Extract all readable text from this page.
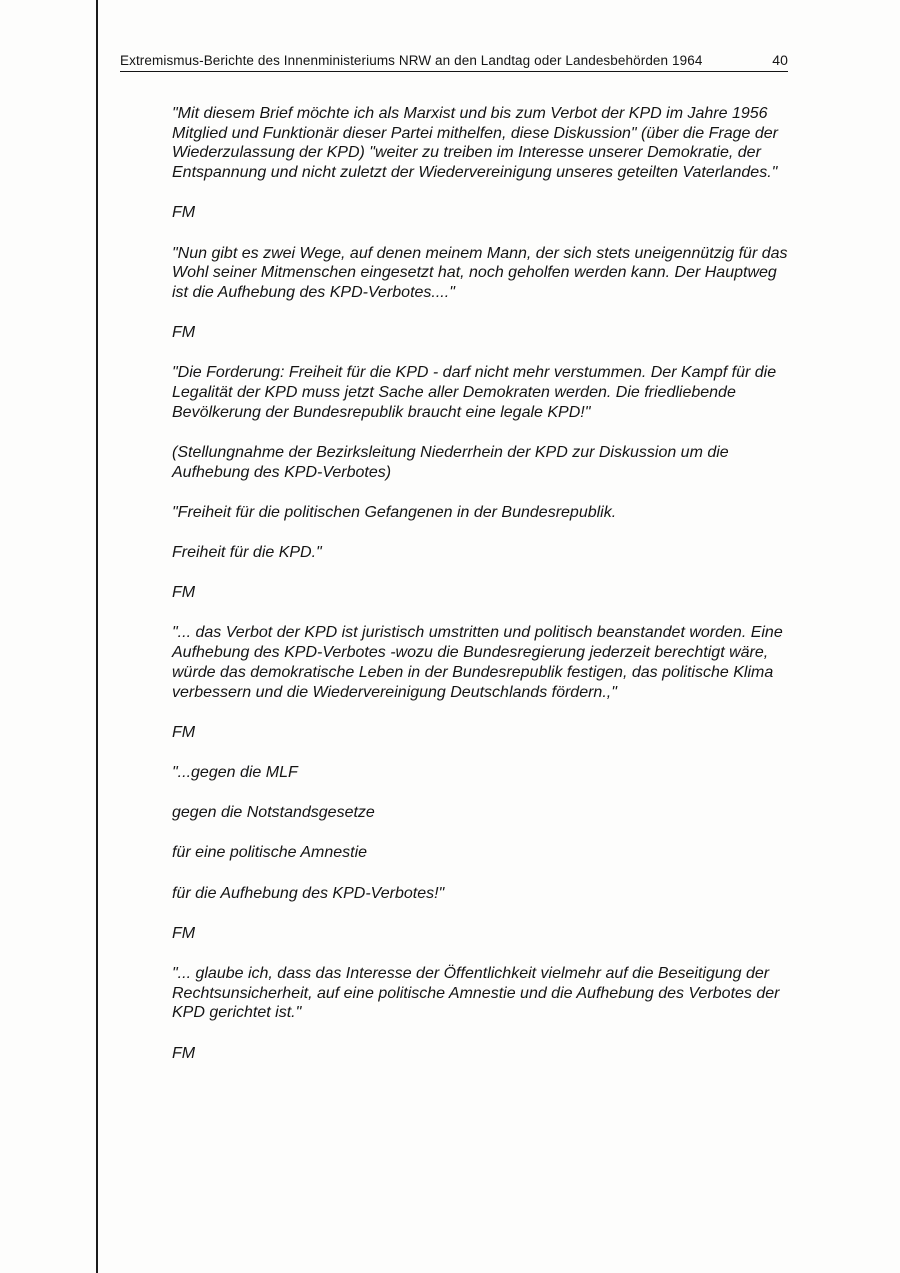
Extremismus-Berichte des Innenministeriums NRW an den Landtag oder Landesbehörden 1964	40

"Mit diesem Brief möchte ich als Marxist und bis zum Verbot der KPD im Jahre 1956 Mitglied und Funktionär dieser Partei mithelfen, diese Diskussion" (über die Frage der Wiederzulassung der KPD) "weiter zu treiben im Interesse unserer Demokratie, der Entspannung und nicht zuletzt der Wiedervereinigung unseres geteilten Vaterlandes."

FM

"Nun gibt es zwei Wege, auf denen meinem Mann, der sich stets uneigennützig für das Wohl seiner Mitmenschen eingesetzt hat, noch geholfen werden kann. Der Hauptweg ist die Aufhebung des KPD-Verbotes...."

FM

"Die Forderung: Freiheit für die KPD - darf nicht mehr verstummen. Der Kampf für die Legalität der KPD muss jetzt Sache aller Demokraten werden. Die friedliebende Bevölkerung der Bundesrepublik braucht eine legale KPD!"

(Stellungnahme der Bezirksleitung Niederrhein der KPD zur Diskussion um die Aufhebung des KPD-Verbotes)

"Freiheit für die politischen Gefangenen in der Bundesrepublik.

Freiheit für die KPD."

FM

"... das Verbot der KPD ist juristisch umstritten und politisch beanstandet worden. Eine Aufhebung des KPD-Verbotes -wozu die Bundesregierung jederzeit berechtigt wäre, würde das demokratische Leben in der Bundesrepublik festigen, das politische Klima verbessern und die Wiedervereinigung Deutschlands fördern.,"

FM

"...gegen die MLF

gegen die Notstandsgesetze

für eine politische Amnestie

für die Aufhebung des KPD-Verbotes!"

FM

"... glaube ich, dass das Interesse der Öffentlichkeit vielmehr auf die Beseitigung der Rechtsunsicherheit, auf eine politische Amnestie und die Aufhebung des Verbotes der KPD gerichtet ist."

FM
